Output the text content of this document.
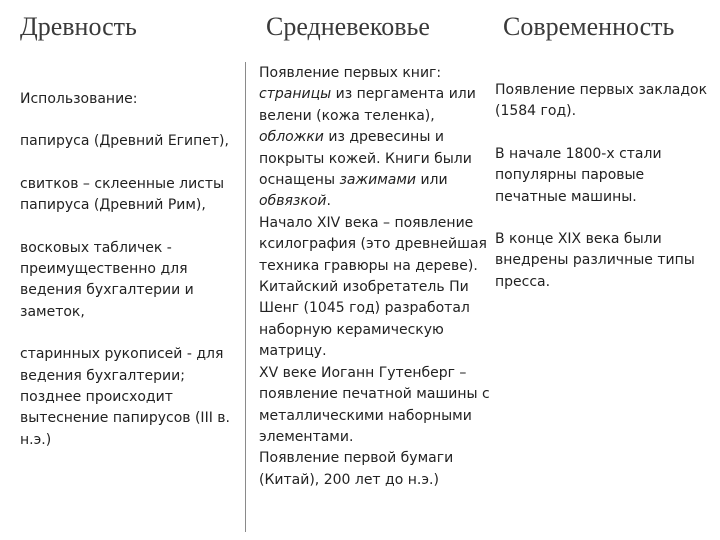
Древность	Средневековье	Современность

Использование:

папируса (Древний Египет),

свитков – склеенные листы папируса (Древний Рим),

восковых табличек - преимущественно для ведения бухгалтерии и заметок,

старинных рукописей - для ведения бухгалтерии; позднее происходит вытеснение папирусов (III в. н.э.)

Появление первых книг:
страницы из пергамента или велени (кожа теленка),
обложки из древесины и покрыты кожей. Книги были оснащены зажимами или обвязкой.

Начало XIV века – появление ксилография (это древнейшая техника гравюры на дереве).

Китайский изобретатель Пи Шенг (1045 год) разработал наборную керамическую матрицу.

XV веке Иоганн Гутенберг – появление печатной машины с металлическими наборными элементами.

Появление первой бумаги (Китай), 200 лет до н.э.)

Появление первых закладок (1584 год).

В начале 1800-х стали популярны паровые печатные машины.

В конце XIX века были внедрены различные типы пресса.
